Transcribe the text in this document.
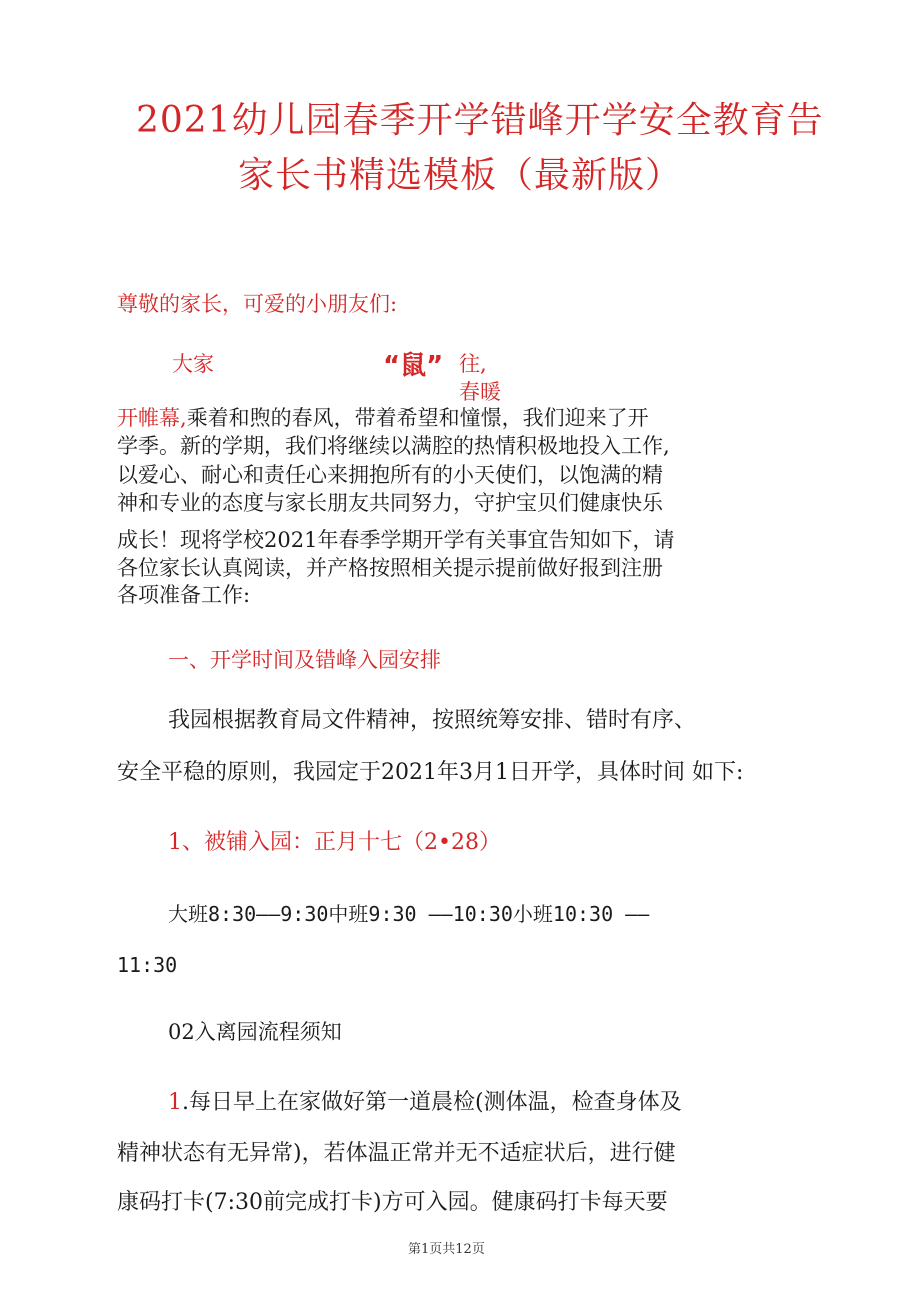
2021幼儿园春季开学错峰开学安全教育告
家长书精选模板（最新版）
尊敬的家长，可爱的小朋友们:
大家	“鼠” 往,
春暖
开帷幕,乘着和煦的春风，带着希望和憧憬，我们迎来了开
学季。新的学期，我们将继续以满腔的热情积极地投入工作,
以爱心、耐心和责任心来拥抱所有的小天使们，以饱满的精
神和专业的态度与家长朋友共同努力，守护宝贝们健康快乐
成长！现将学校2021年春季学期开学有关事宜告知如下，请
各位家长认真阅读，并产格按照相关提示提前做好报到注册
各项准备工作:
一、开学时间及错峰入园安排
我园根据教育局文件精神，按照统筹安排、错时有序、
安全平稳的原则，我园定于2021年3月1日开学，具体时间 如下:
1、被铺入园：正月十七（2•28）
大班8:30——9:30中班9:30 ——10:30小班10:30 ——
11:30
02入离园流程须知
1.每日早上在家做好第一道晨检(测体温，检查身体及
精神状态有无异常)，若体温正常并无不适症状后，进行健
康码打卡(7:30前完成打卡)方可入园。健康码打卡每天要
第1页共12页
